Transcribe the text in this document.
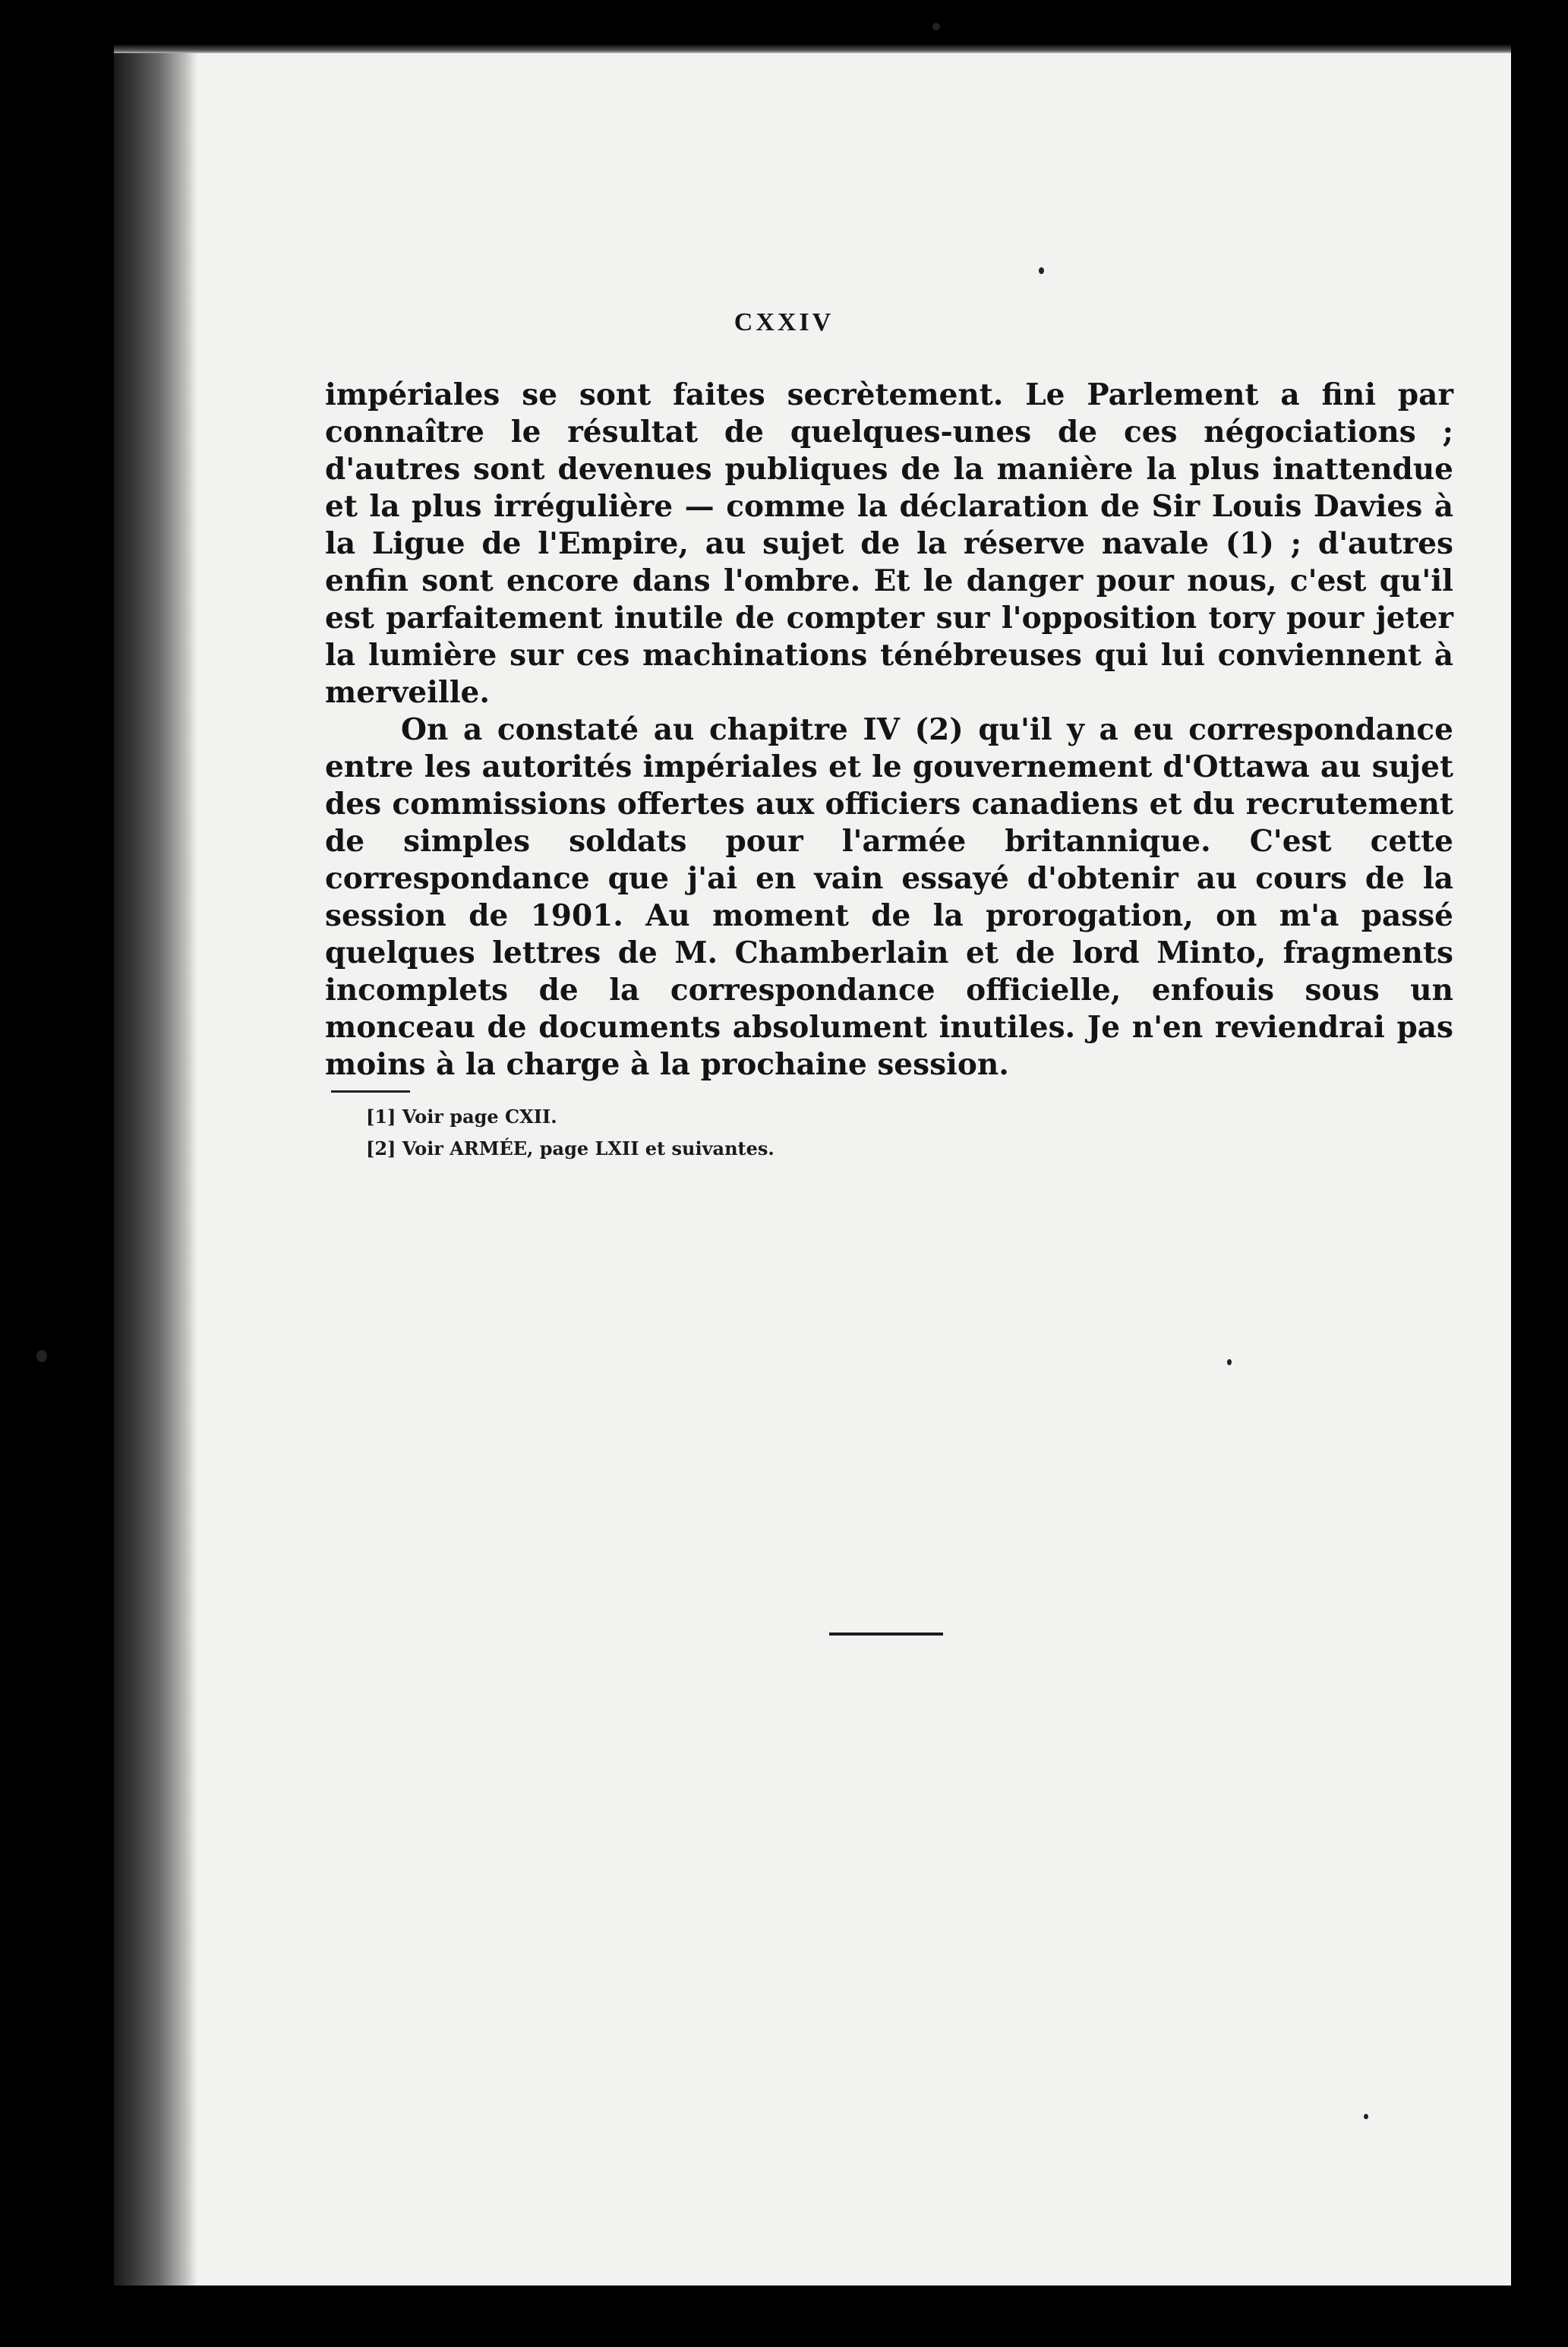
CXXIV

impériales se sont faites secrètement. Le Parlement a fini par connaître le résultat de quelques-unes de ces négociations ; d'autres sont devenues publiques de la manière la plus inattendue et la plus irrégulière — comme la déclaration de Sir Louis Davies à la Ligue de l'Empire, au sujet de la réserve navale (1) ; d'autres enfin sont encore dans l'ombre. Et le danger pour nous, c'est qu'il est parfaitement inutile de compter sur l'opposition tory pour jeter la lumière sur ces machinations ténébreuses qui lui conviennent à merveille.

On a constaté au chapitre IV (2) qu'il y a eu correspondance entre les autorités impériales et le gouvernement d'Ottawa au sujet des commissions offertes aux officiers canadiens et du recrutement de simples soldats pour l'armée britannique. C'est cette correspondance que j'ai en vain essayé d'obtenir au cours de la session de 1901. Au moment de la prorogation, on m'a passé quelques lettres de M. Chamberlain et de lord Minto, fragments incomplets de la correspondance officielle, enfouis sous un monceau de documents absolument inutiles. Je n'en reviendrai pas moins à la charge à la prochaine session.

[1] Voir page CXII.
[2] Voir ARMÉE, page LXII et suivantes.
